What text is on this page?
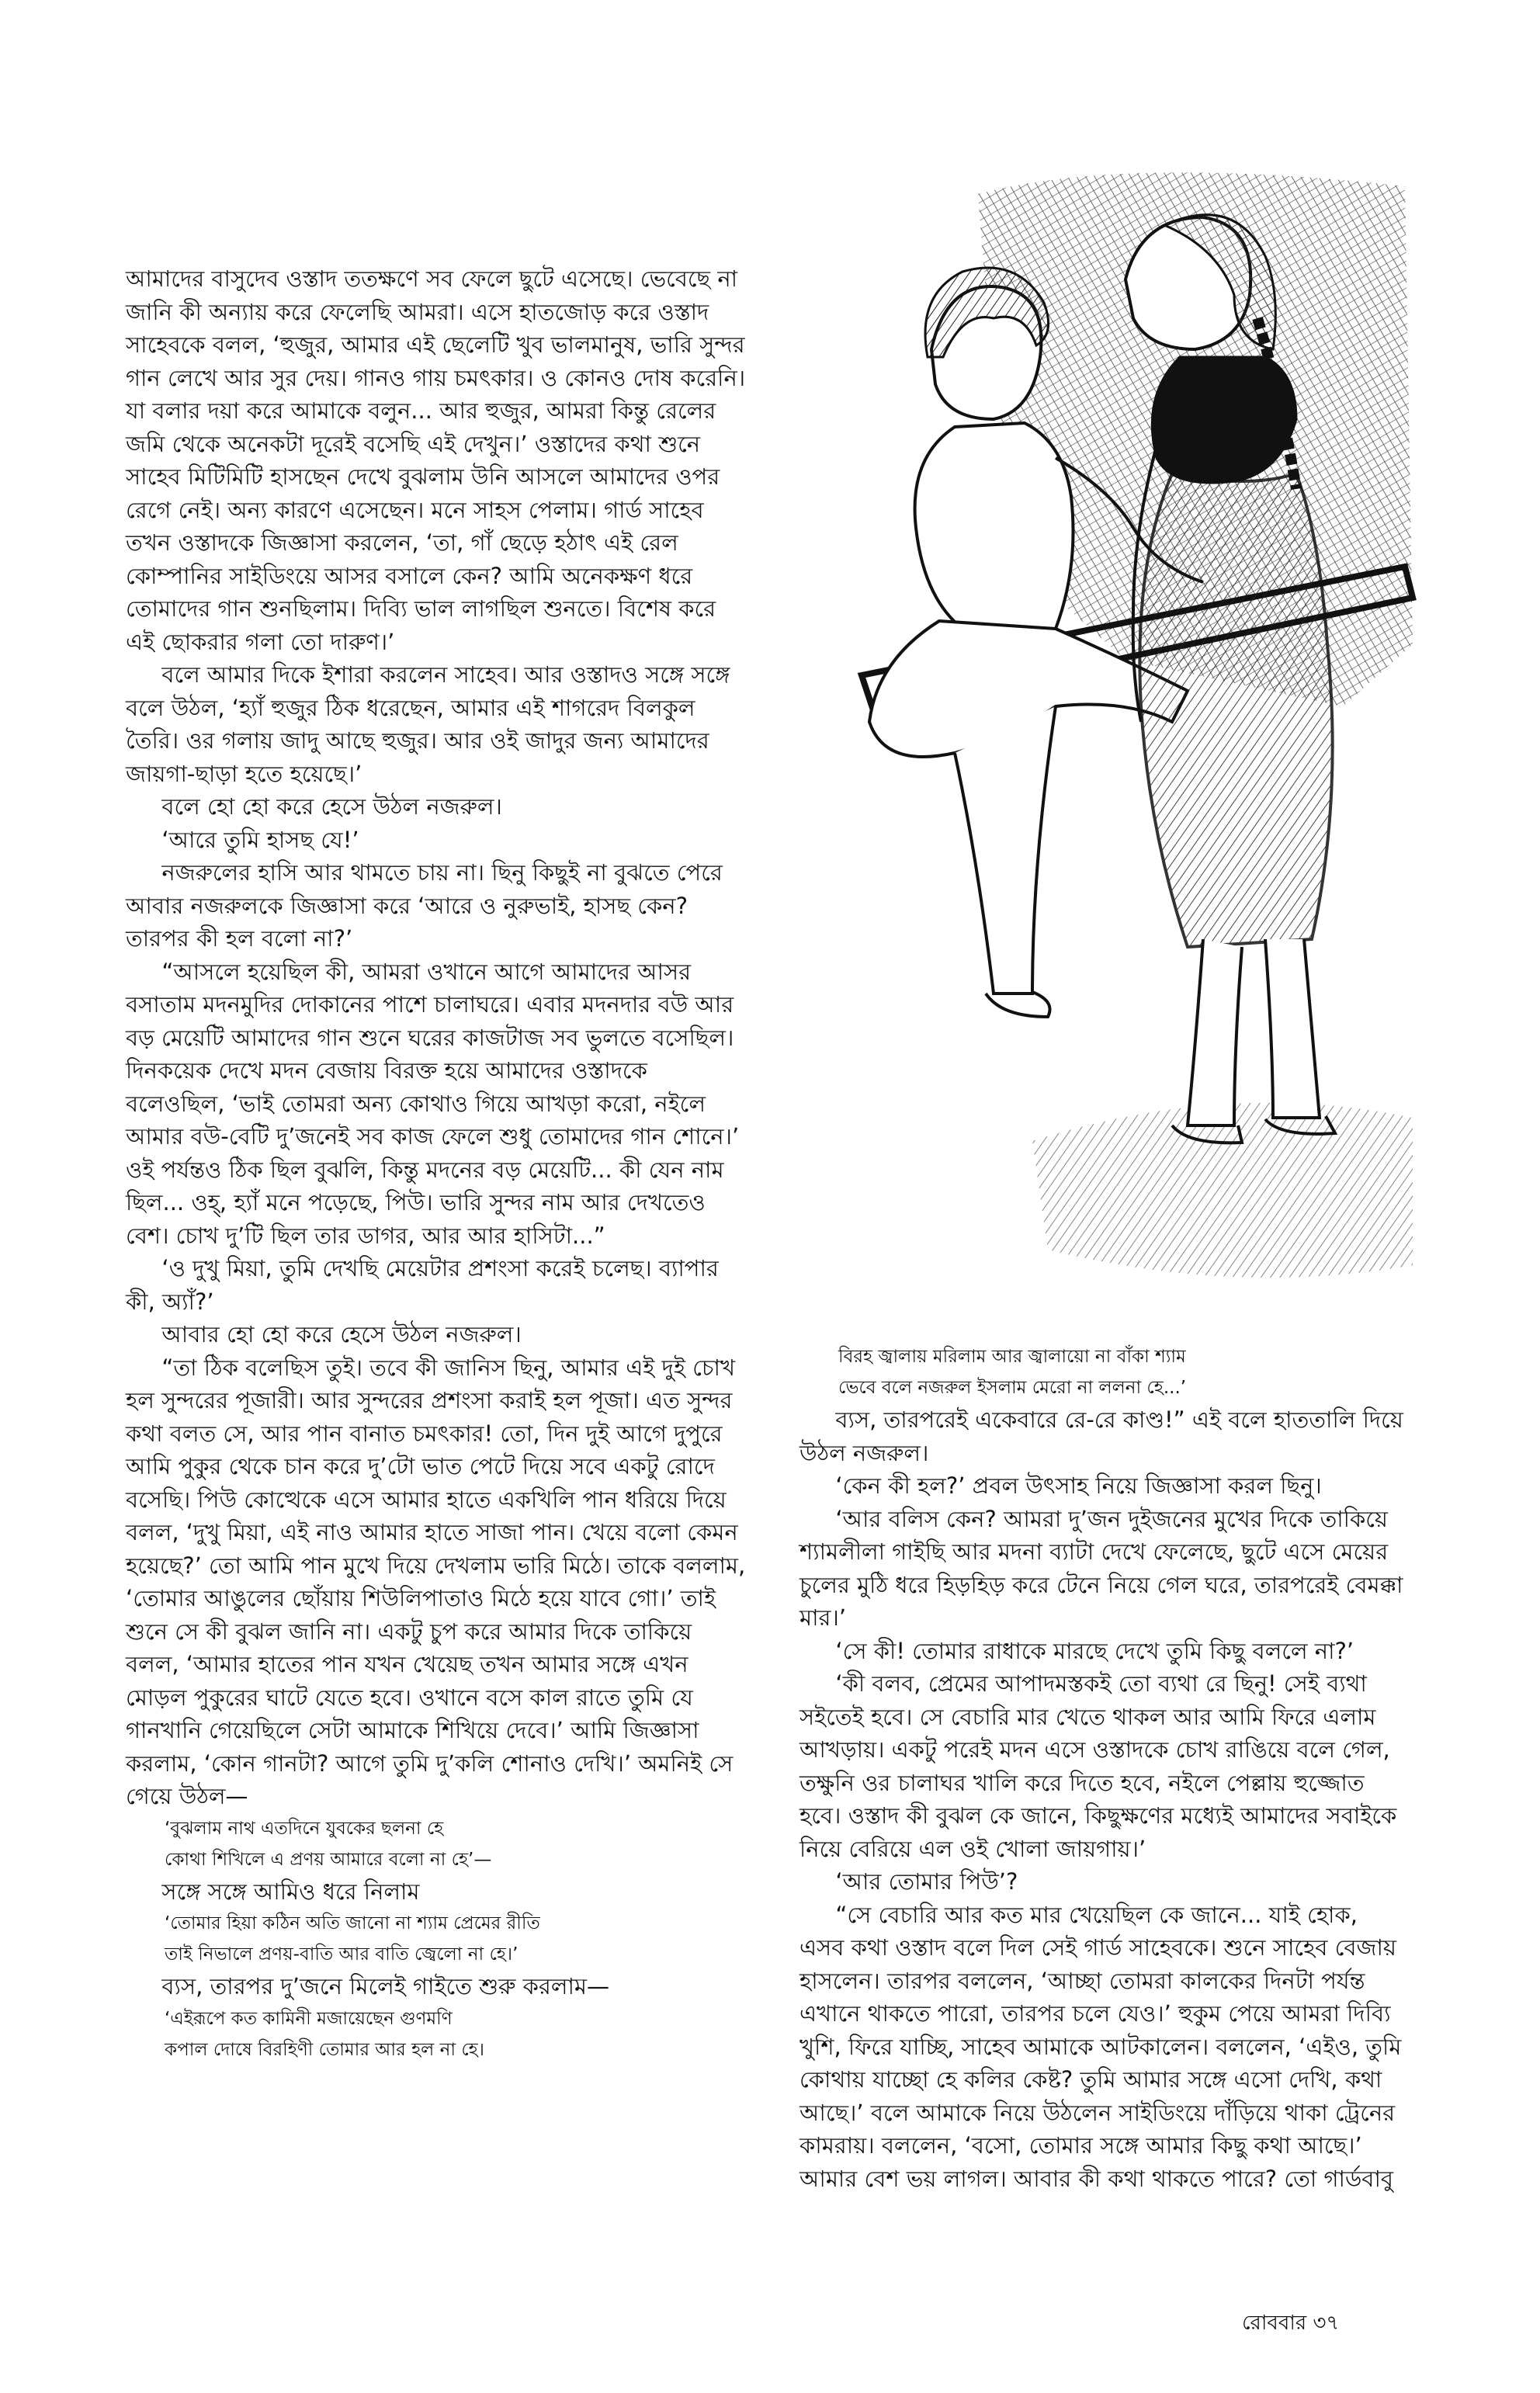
আমাদের বাসুদেব ওস্তাদ ততক্ষণে সব ফেলে ছুটে এসেছে। ভেবেছে না জানি কী অন্যায় করে ফেলেছি আমরা। এসে হাতজোড় করে ওস্তাদ সাহেবকে বলল, ‘হুজুর, আমার এই ছেলেটি খুব ভালমানুষ, ভারি সুন্দর গান লেখে আর সুর দেয়। গানও গায় চমৎকার। ও কোনও দোষ করেনি। যা বলার দয়া করে আমাকে বলুন... আর হুজুর, আমরা কিন্তু রেলের জমি থেকে অনেকটা দূরেই বসেছি এই দেখুন।’ ওস্তাদের কথা শুনে সাহেব মিটিমিটি হাসছেন দেখে বুঝলাম উনি আসলে আমাদের ওপর রেগে নেই। অন্য কারণে এসেছেন। মনে সাহস পেলাম। গার্ড সাহেব তখন ওস্তাদকে জিজ্ঞাসা করলেন, ‘তা, গাঁ ছেড়ে হঠাৎ এই রেল কোম্পানির সাইডিংয়ে আসর বসালে কেন? আমি অনেকক্ষণ ধরে তোমাদের গান শুনছিলাম। দিব্যি ভাল লাগছিল শুনতে। বিশেষ করে এই ছোকরার গলা তো দারুণ।’

বলে আমার দিকে ইশারা করলেন সাহেব। আর ওস্তাদও সঙ্গে সঙ্গে বলে উঠল, ‘হ্যাঁ হুজুর ঠিক ধরেছেন, আমার এই শাগরেদ বিলকুল তৈরি। ওর গলায় জাদু আছে হুজুর। আর ওই জাদুর জন্য আমাদের জায়গা-ছাড়া হতে হয়েছে।’

বলে হো হো করে হেসে উঠল নজরুল।

‘আরে তুমি হাসছ যে!’

নজরুলের হাসি আর থামতে চায় না। ছিনু কিছুই না বুঝতে পেরে আবার নজরুলকে জিজ্ঞাসা করে ‘আরে ও নুরুভাই, হাসছ কেন? তারপর কী হল বলো না?’

“আসলে হয়েছিল কী, আমরা ওখানে আগে আমাদের আসর বসাতাম মদনমুদির দোকানের পাশে চালাঘরে। এবার মদনদার বউ আর বড় মেয়েটি আমাদের গান শুনে ঘরের কাজটাজ সব ভুলতে বসেছিল। দিনকয়েক দেখে মদন বেজায় বিরক্ত হয়ে আমাদের ওস্তাদকে বলেওছিল, ‘ভাই তোমরা অন্য কোথাও গিয়ে আখড়া করো, নইলে আমার বউ-বেটি দু’জনেই সব কাজ ফেলে শুধু তোমাদের গান শোনে।’ ওই পর্যন্তও ঠিক ছিল বুঝলি, কিন্তু মদনের বড় মেয়েটি... কী যেন নাম ছিল... ওহ্, হ্যাঁ মনে পড়েছে, পিউ। ভারি সুন্দর নাম আর দেখতেও বেশ। চোখ দু’টি ছিল তার ডাগর, আর আর হাসিটা...”

‘ও দুখু মিয়া, তুমি দেখছি মেয়েটার প্রশংসা করেই চলেছ। ব্যাপার কী, অ্যাঁ?’

আবার হো হো করে হেসে উঠল নজরুল।

“তা ঠিক বলেছিস তুই। তবে কী জানিস ছিনু, আমার এই দুই চোখ হল সুন্দরের পূজারী। আর সুন্দরের প্রশংসা করাই হল পূজা। এত সুন্দর কথা বলত সে, আর পান বানাত চমৎকার! তো, দিন দুই আগে দুপুরে আমি পুকুর থেকে চান করে দু’টো ভাত পেটে দিয়ে সবে একটু রোদে বসেছি। পিউ কোত্থেকে এসে আমার হাতে একখিলি পান ধরিয়ে দিয়ে বলল, ‘দুখু মিয়া, এই নাও আমার হাতে সাজা পান। খেয়ে বলো কেমন হয়েছে?’ তো আমি পান মুখে দিয়ে দেখলাম ভারি মিঠে। তাকে বললাম, ‘তোমার আঙুলের ছোঁয়ায় শিউলিপাতাও মিঠে হয়ে যাবে গো।’ তাই শুনে সে কী বুঝল জানি না। একটু চুপ করে আমার দিকে তাকিয়ে বলল, ‘আমার হাতের পান যখন খেয়েছ তখন আমার সঙ্গে এখন মোড়ল পুকুরের ঘাটে যেতে হবে। ওখানে বসে কাল রাতে তুমি যে গানখানি গেয়েছিলে সেটা আমাকে শিখিয়ে দেবে।’ আমি জিজ্ঞাসা করলাম, ‘কোন গানটা? আগে তুমি দু’কলি শোনাও দেখি।’ অমনিই সে গেয়ে উঠল—

‘বুঝলাম নাথ এতদিনে যুবকের ছলনা হে
কোথা শিখিলে এ প্রণয় আমারে বলো না হে’—

সঙ্গে সঙ্গে আমিও ধরে নিলাম

‘তোমার হিয়া কঠিন অতি জানো না শ্যাম প্রেমের রীতি
তাই নিভালে প্রণয়-বাতি আর বাতি জ্বেলো না হে।’

ব্যস, তারপর দু’জনে মিলেই গাইতে শুরু করলাম—

‘এইরূপে কত কামিনী মজায়েছেন গুণমণি
কপাল দোষে বিরহিণী তোমার আর হল না হে।
বিরহ জ্বালায় মরিলাম আর জ্বালায়ো না বাঁকা শ্যাম
ভেবে বলে নজরুল ইসলাম মেরো না ললনা হে...’

ব্যস, তারপরেই একেবারে রে-রে কাণ্ড!” এই বলে হাততালি দিয়ে উঠল নজরুল।

‘কেন কী হল?’ প্রবল উৎসাহ নিয়ে জিজ্ঞাসা করল ছিনু।

‘আর বলিস কেন? আমরা দু’জন দুইজনের মুখের দিকে তাকিয়ে শ্যামলীলা গাইছি আর মদনা ব্যাটা দেখে ফেলেছে, ছুটে এসে মেয়ের চুলের মুঠি ধরে হিড়হিড় করে টেনে নিয়ে গেল ঘরে, তারপরেই বেমক্কা মার।’

‘সে কী! তোমার রাধাকে মারছে দেখে তুমি কিছু বললে না?’

‘কী বলব, প্রেমের আপাদমস্তকই তো ব্যথা রে ছিনু! সেই ব্যথা সইতেই হবে। সে বেচারি মার খেতে থাকল আর আমি ফিরে এলাম আখড়ায়। একটু পরেই মদন এসে ওস্তাদকে চোখ রাঙিয়ে বলে গেল, তক্ষুনি ওর চালাঘর খালি করে দিতে হবে, নইলে পেল্লায় হুজ্জোত হবে। ওস্তাদ কী বুঝল কে জানে, কিছুক্ষণের মধ্যেই আমাদের সবাইকে নিয়ে বেরিয়ে এল ওই খোলা জায়গায়।’

‘আর তোমার পিউ’?

“সে বেচারি আর কত মার খেয়েছিল কে জানে... যাই হোক, এসব কথা ওস্তাদ বলে দিল সেই গার্ড সাহেবকে। শুনে সাহেব বেজায় হাসলেন। তারপর বললেন, ‘আচ্ছা তোমরা কালকের দিনটা পর্যন্ত এখানে থাকতে পারো, তারপর চলে যেও।’ হুকুম পেয়ে আমরা দিব্যি খুশি, ফিরে যাচ্ছি, সাহেব আমাকে আটকালেন। বললেন, ‘এইও, তুমি কোথায় যাচ্ছো হে কলির কেষ্ট? তুমি আমার সঙ্গে এসো দেখি, কথা আছে।’ বলে আমাকে নিয়ে উঠলেন সাইডিংয়ে দাঁড়িয়ে থাকা ট্রেনের কামরায়। বললেন, ‘বসো, তোমার সঙ্গে আমার কিছু কথা আছে।’ আমার বেশ ভয় লাগল। আবার কী কথা থাকতে পারে? তো গার্ডবাবু

রোববার ৩৭
